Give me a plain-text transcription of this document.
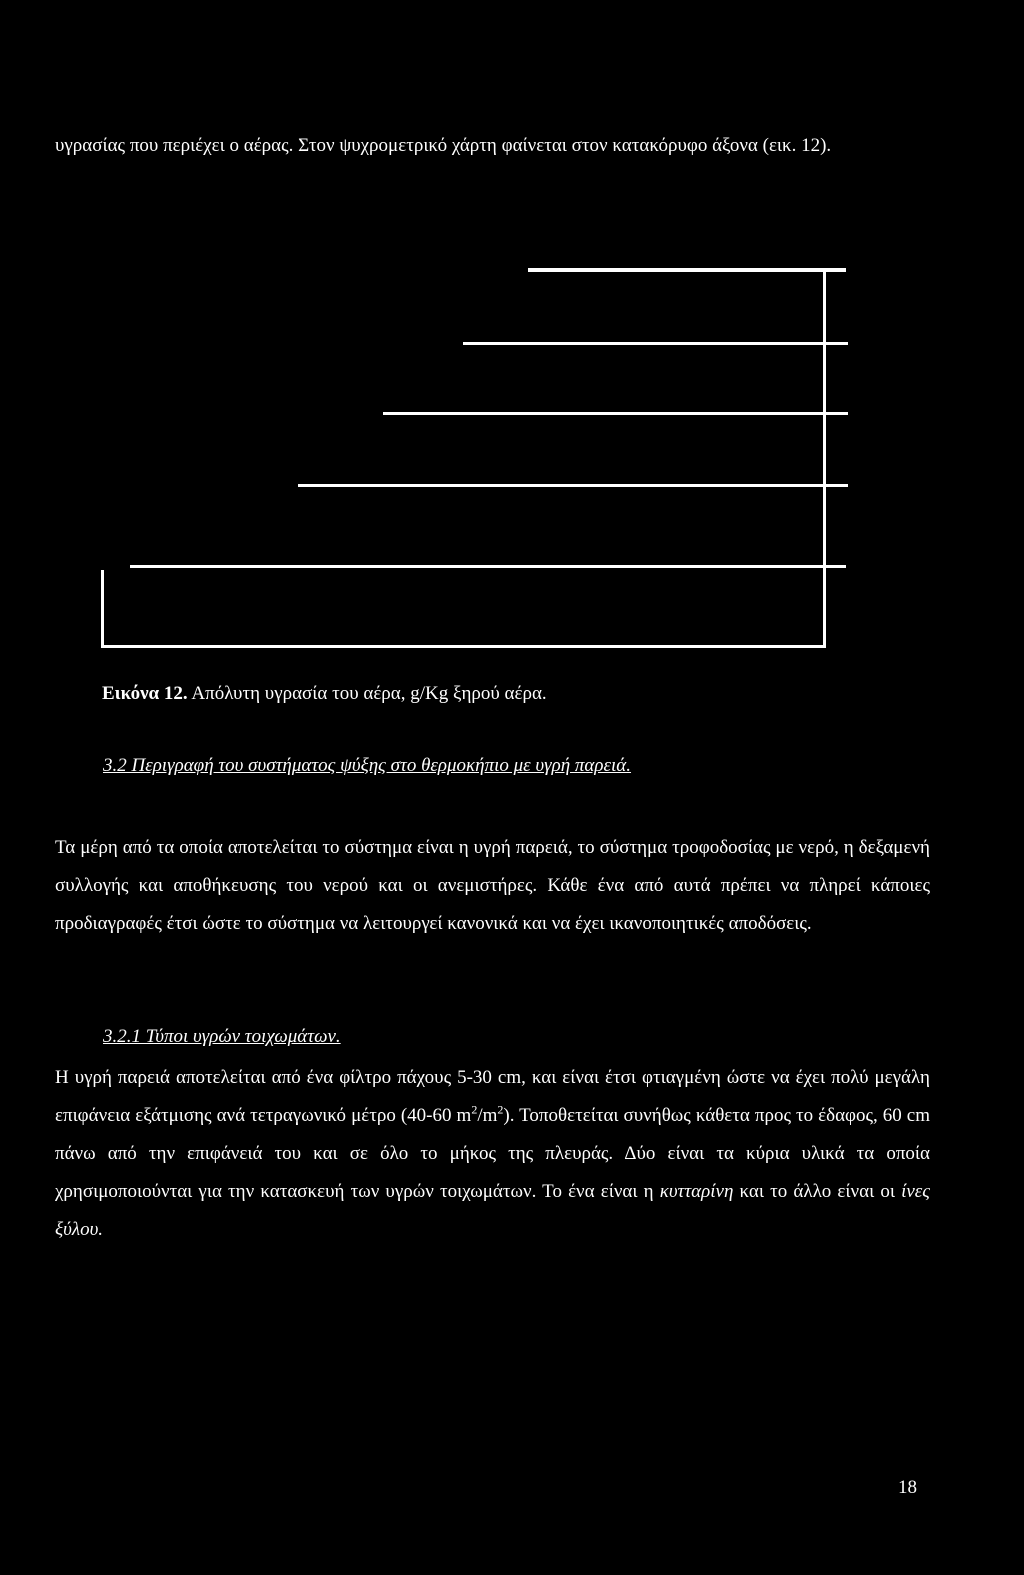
υγρασίας που περιέχει ο αέρας. Στον ψυχρομετρικό χάρτη φαίνεται στον κατακόρυφο άξονα (εικ. 12).

Εικόνα 12. Απόλυτη υγρασία του αέρα, g/Kg ξηρού αέρα.
3.2 Περιγραφή του συστήματος ψύξης στο θερμοκήπιο με υγρή παρειά.

Τα μέρη από τα οποία αποτελείται το σύστημα είναι η υγρή παρειά, το σύστημα τροφοδοσίας με νερό, η δεξαμενή συλλογής και αποθήκευσης του νερού και οι ανεμιστήρες. Κάθε ένα από αυτά πρέπει να πληρεί κάποιες προδιαγραφές έτσι ώστε το σύστημα να λειτουργεί κανονικά και να έχει ικανοποιητικές αποδόσεις.

3.2.1 Τύποι υγρών τοιχωμάτων.

Η υγρή παρειά αποτελείται από ένα φίλτρο πάχους 5-30 cm, και είναι έτσι φτιαγμένη ώστε να έχει πολύ μεγάλη επιφάνεια εξάτμισης ανά τετραγωνικό μέτρο (40-60 $m^2/m^2$). Τοποθετείται συνήθως κάθετα προς το έδαφος, 60 cm πάνω από την επιφάνειά του και σε όλο το μήκος της πλευράς. Δύο είναι τα κύρια υλικά τα οποία χρησιμοποιούνται για την κατασκευή των υγρών τοιχωμάτων. Το ένα είναι η κυτταρίνη και το άλλο είναι οι ίνες ξύλου.

18
